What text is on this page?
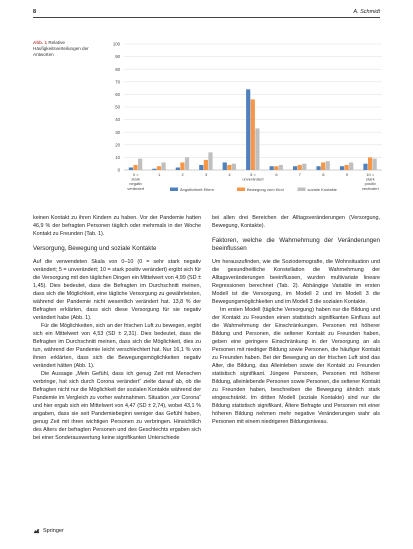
8	A. Schmidt
Abb. 1 Relative Häufigkeitsverteilungen der Antworten
0
10
20
30
40
50
60
70
80
90
100
0 = stark negativ verändert
1	2	3	4	5 = unverändert
6	7	8	9	10 = stark positiv verändert
Ängstlichkeit Eltern	Bewegung zum Kind	soziale Kontakte

keinen Kontakt zu ihren Kindern zu haben. Vor der Pandemie hatten 46,9 % der befragten Personen täglich oder mehrmals in der Woche Kontakt zu Freunden (Tab. 1).

Versorgung, Bewegung und soziale Kontakte

Auf die verwendeten Skala von 0–10 (0 = sehr stark negativ verändert; 5 = unverändert; 10 = stark positiv verändert) ergibt sich für die Versorgung mit den täglichen Dingen ein Mittelwert von 4,99 (SD ± 1,45). Dies bedeutet, dass die Befragten im Durchschnitt meinen, dass sich die Möglichkeit, eine tägliche Versorgung zu gewährleisten, während der Pandemie nicht wesentlich verändert hat. 13,8 % der Befragten erklärten, dass sich diese Versorgung für sie negativ verändert habe (Abb. 1).

Für die Möglichkeiten, sich an der frischen Luft zu bewegen, ergibt sich ein Mittelwert von 4,53 (SD ± 2,31). Dies bedeutet, dass die Befragten im Durchschnitt meinen, dass sich die Möglichkeit, dies zu tun, während der Pandemie leicht verschlechtert hat. Nur 16,1 % von ihnen erklärten, dass sich die Bewegungsmöglichkeiten negativ verändert hätten (Abb. 1).

Die Aussage „Mein Gefühl, dass ich genug Zeit mit Menschen verbringe, hat sich durch Corona verändert“ zielte darauf ab, ob die Befragten nicht nur die Möglichkeit der sozialen Kontakte während der Pandemie im Vergleich zu vorher wahrnahmen. Situation „vor Corona“ und hier ergab sich ein Mittelwert von 4,47 (SD ± 2,74), wobei 43,1 % angaben, dass sie seit Pandemiebeginn weniger das Gefühl haben, genug Zeit mit ihren wichtigen Personen zu verbringen. Hinsichtlich des Alters der befragten Personen und des Geschlechts ergaben sich bei einer Sonderauswertung keine signifikanten Unterschiede

bei allen drei Bereichen der Alltagsveränderungen (Versorgung, Bewegung, Kontakte).

Faktoren, welche die Wahrnehmung der Veränderungen beeinflussen

Um herauszufinden, wie die Soziodemografie, die Wohnsituation und die gesundheitliche Konstellation die Wahrnehmung der Alltagsveränderungen beeinflussen, wurden multivariate lineare Regressionen berechnet (Tab. 2). Abhängige Variable im ersten Modell ist die Versorgung, im Modell 2 und im Modell 3 die Bewegungsmöglichkeiten und im Modell 3 die sozialen Kontakte.

Im ersten Modell (tägliche Versorgung) haben nur die Bildung und der Kontakt zu Freunden einen statistisch signifikanten Einfluss auf die Wahrnehmung der Einschränkungen. Personen mit höherer Bildung und Personen, die seltener Kontakt zu Freunden haben, geben eine geringere Einschränkung in der Versorgung an als Personen mit niedriger Bildung sowie Personen, die häufiger Kontakt zu Freunden haben. Bei der Bewegung an der frischen Luft sind das Alter, die Bildung, das Alleinleben sowie der Kontakt zu Freunden statistisch signifikant. Jüngere Personen, Personen mit höherer Bildung, alleinlebende Personen sowie Personen, die seltener Kontakt zu Freunden haben, beschreiben die Bewegung ähnlich stark eingeschränkt. Im dritten Modell (soziale Kontakte) sind nur die Bildung statistisch signifikant, Ältere Befragte und Personen mit einer höheren Bildung nehmen mehr negative Veränderungen wahr als Personen mit einem niedrigeren Bildungsniveau.

Springer
